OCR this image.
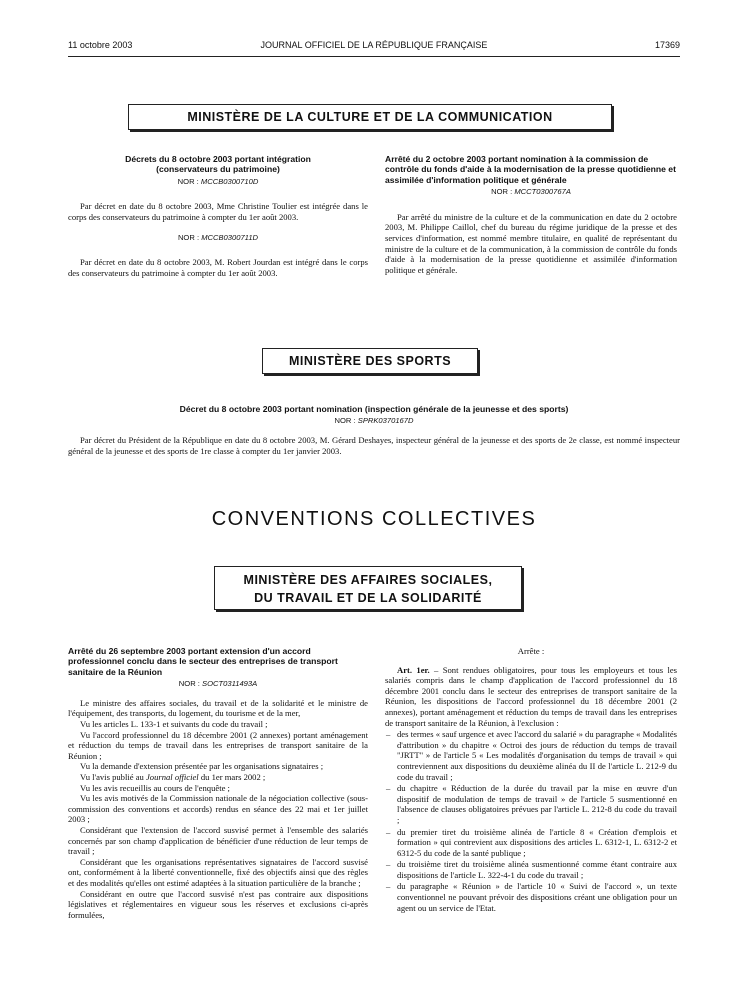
11 octobre 2003	JOURNAL OFFICIEL DE LA RÉPUBLIQUE FRANÇAISE	17369
MINISTÈRE DE LA CULTURE ET DE LA COMMUNICATION
Décrets du 8 octobre 2003 portant intégration
(conservateurs du patrimoine)
NOR : MCCB0300710D

Par décret en date du 8 octobre 2003, Mme Christine Toulier est intégrée dans le corps des conservateurs du patrimoine à compter du 1er août 2003.

NOR : MCCB0300711D

Par décret en date du 8 octobre 2003, M. Robert Jourdan est intégré dans le corps des conservateurs du patrimoine à compter du 1er août 2003.

Arrêté du 2 octobre 2003 portant nomination à la commission de contrôle du fonds d'aide à la modernisation de la presse quotidienne et assimilée d'information politique et générale
NOR : MCCT0300767A

Par arrêté du ministre de la culture et de la communication en date du 2 octobre 2003, M. Philippe Caillol, chef du bureau du régime juridique de la presse et des services d'information, est nommé membre titulaire, en qualité de représentant du ministre de la culture et de la communication, à la commission de contrôle du fonds d'aide à la modernisation de la presse quotidienne et assimilée d'information politique et générale.

MINISTÈRE DES SPORTS
Décret du 8 octobre 2003 portant nomination (inspection générale de la jeunesse et des sports)
NOR : SPRK0370167D

Par décret du Président de la République en date du 8 octobre 2003, M. Gérard Deshayes, inspecteur général de la jeunesse et des sports de 2e classe, est nommé inspecteur général de la jeunesse et des sports de 1re classe à compter du 1er janvier 2003.

CONVENTIONS COLLECTIVES
MINISTÈRE DES AFFAIRES SOCIALES,
DU TRAVAIL ET DE LA SOLIDARITÉ
Arrêté du 26 septembre 2003 portant extension d'un accord professionnel conclu dans le secteur des entreprises de transport sanitaire de la Réunion
NOR : SOCT0311493A

Le ministre des affaires sociales, du travail et de la solidarité et le ministre de l'équipement, des transports, du logement, du tourisme et de la mer,

Vu les articles L. 133-1 et suivants du code du travail ;

Vu l'accord professionnel du 18 décembre 2001 (2 annexes) portant aménagement et réduction du temps de travail dans les entreprises de transport sanitaire de la Réunion ;

Vu la demande d'extension présentée par les organisations signataires ;

Vu l'avis publié au Journal officiel du 1er mars 2002 ;

Vu les avis recueillis au cours de l'enquête ;

Vu les avis motivés de la Commission nationale de la négociation collective (sous-commission des conventions et accords) rendus en séance des 22 mai et 1er juillet 2003 ;

Considérant que l'extension de l'accord susvisé permet à l'ensemble des salariés concernés par son champ d'application de bénéficier d'une réduction de leur temps de travail ;

Considérant que les organisations représentatives signataires de l'accord susvisé ont, conformément à la liberté conventionnelle, fixé des objectifs ainsi que des règles et des modalités qu'elles ont estimé adaptées à la situation particulière de la branche ;

Considérant en outre que l'accord susvisé n'est pas contraire aux dispositions législatives et réglementaires en vigueur sous les réserves et exclusions ci-après formulées,

Arrête :

Art. 1er. – Sont rendues obligatoires, pour tous les employeurs et tous les salariés compris dans le champ d'application de l'accord professionnel du 18 décembre 2001 conclu dans le secteur des entreprises de transport sanitaire de la Réunion, les dispositions de l'accord professionnel du 18 décembre 2001 (2 annexes), portant aménagement et réduction du temps de travail dans les entreprises de transport sanitaire de la Réunion, à l'exclusion :

– des termes « sauf urgence et avec l'accord du salarié » du paragraphe « Modalités d'attribution » du chapitre « Octroi des jours de réduction du temps de travail "JRTT" » de l'article 5 « Les modalités d'organisation du temps de travail » qui contreviennent aux dispositions du deuxième alinéa du II de l'article L. 212-9 du code du travail ;
– du chapitre « Réduction de la durée du travail par la mise en œuvre d'un dispositif de modulation de temps de travail » de l'article 5 susmentionné en l'absence de clauses obligatoires prévues par l'article L. 212-8 du code du travail ;
– du premier tiret du troisième alinéa de l'article 8 « Création d'emplois et formation » qui contrevient aux dispositions des articles L. 6312-1, L. 6312-2 et 6312-5 du code de la santé publique ;
– du troisième tiret du troisième alinéa susmentionné comme étant contraire aux dispositions de l'article L. 322-4-1 du code du travail ;
– du paragraphe « Réunion » de l'article 10 « Suivi de l'accord », un texte conventionnel ne pouvant prévoir des dispositions créant une obligation pour un agent ou un service de l'Etat.
